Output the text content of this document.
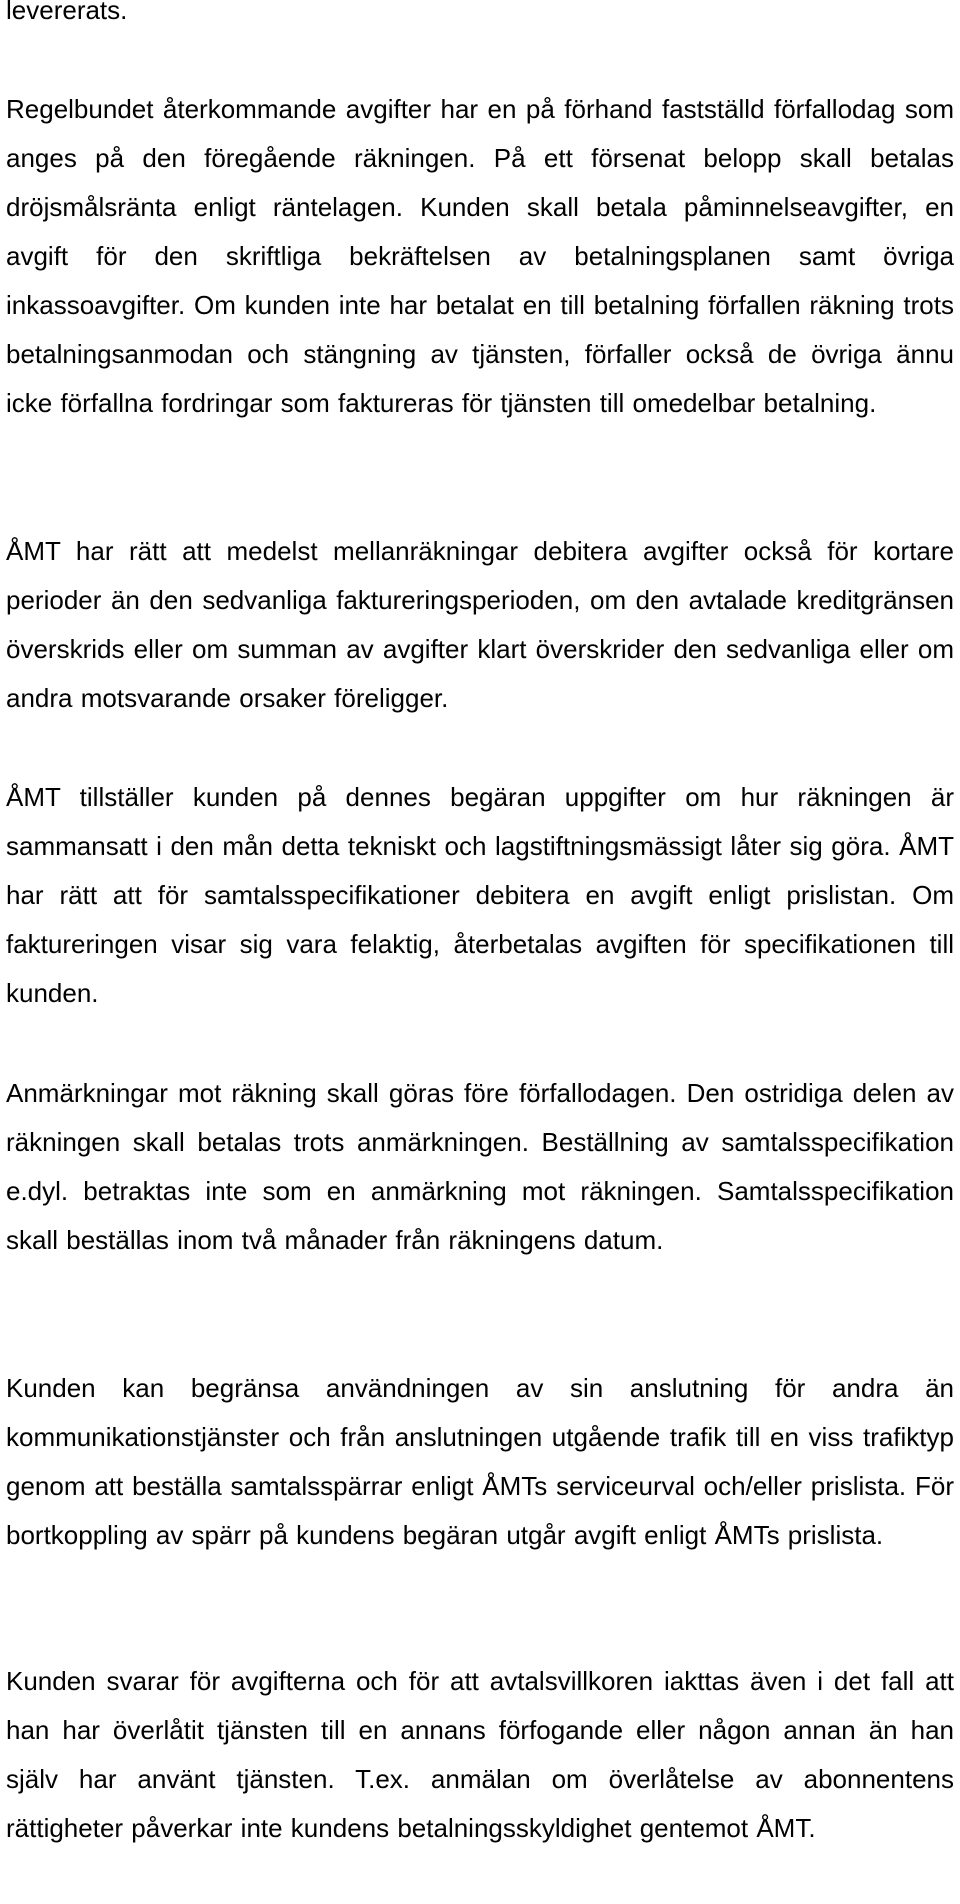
levererats.

Regelbundet återkommande avgifter har en på förhand fastställd förfallodag som anges på den föregående räkningen. På ett försenat belopp skall betalas dröjsmålsränta enligt räntelagen. Kunden skall betala påminnelseavgifter, en avgift för den skriftliga bekräftelsen av betalningsplanen samt övriga inkassoavgifter. Om kunden inte har betalat en till betalning förfallen räkning trots betalningsanmodan och stängning av tjänsten, förfaller också de övriga ännu icke förfallna fordringar som faktureras för tjänsten till omedelbar betalning.

ÅMT har rätt att medelst mellanräkningar debitera avgifter också för kortare perioder än den sedvanliga faktureringsperioden, om den avtalade kreditgränsen överskrids eller om summan av avgifter klart överskrider den sedvanliga eller om andra motsvarande orsaker föreligger.

ÅMT tillställer kunden på dennes begäran uppgifter om hur räkningen är sammansatt i den mån detta tekniskt och lagstiftningsmässigt låter sig göra. ÅMT har rätt att för samtalsspecifikationer debitera en avgift enligt prislistan. Om faktureringen visar sig vara felaktig, återbetalas avgiften för specifikationen till kunden.

Anmärkningar mot räkning skall göras före förfallodagen. Den ostridiga delen av räkningen skall betalas trots anmärkningen. Beställning av samtalsspecifikation e.dyl. betraktas inte som en anmärkning mot räkningen. Samtalsspecifikation skall beställas inom två månader från räkningens datum.

Kunden kan begränsa användningen av sin anslutning för andra än kommunikationstjänster och från anslutningen utgående trafik till en viss trafiktyp genom att beställa samtalsspärrar enligt ÅMTs serviceurval och/eller prislista. För bortkoppling av spärr på kundens begäran utgår avgift enligt ÅMTs prislista.

Kunden svarar för avgifterna och för att avtalsvillkoren iakttas även i det fall att han har överlåtit tjänsten till en annans förfogande eller någon annan än han själv har använt tjänsten. T.ex. anmälan om överlåtelse av abonnentens rättigheter påverkar inte kundens betalningsskyldighet gentemot ÅMT.
